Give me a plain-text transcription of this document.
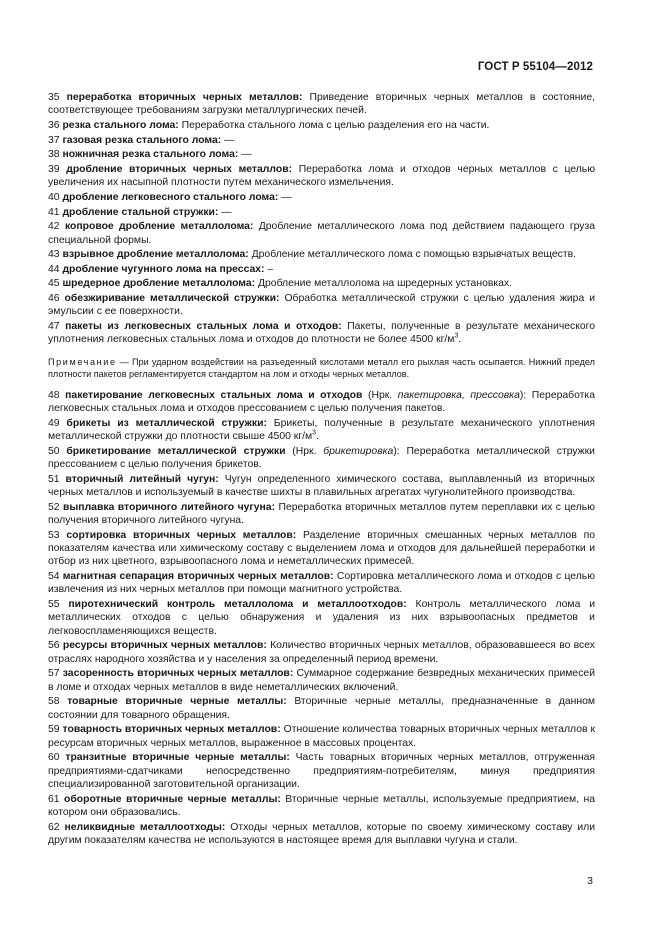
ГОСТ Р 55104—2012
35 переработка вторичных черных металлов: Приведение вторичных черных металлов в состояние, соответствующее требованиям загрузки металлургических печей.
36 резка стального лома: Переработка стального лома с целью разделения его на части.
37 газовая резка стального лома: —
38 ножничная резка стального лома: —
39 дробление вторичных черных металлов: Переработка лома и отходов черных металлов с целью увеличения их насыпной плотности путем механического измельчения.
40 дробление легковесного стального лома: —
41 дробление стальной стружки: —
42 копровое дробление металлолома: Дробление металлического лома под действием падающего груза специальной формы.
43 взрывное дробление металлолома: Дробление металлического лома с помощью взрывчатых веществ.
44 дробление чугунного лома на прессах: –
45 шредерное дробление металлолома: Дробление металлолома на шредерных установках.
46 обезжиривание металлической стружки: Обработка металлической стружки с целью удаления жира и эмульсии с ее поверхности.
47 пакеты из легковесных стальных лома и отходов: Пакеты, полученные в результате механического уплотнения легковесных стальных лома и отходов до плотности не более 4500 $кг/м^3$.
Примечание — При ударном воздействии на разъеденный кислотами металл его рыхлая часть осыпается. Нижний предел плотности пакетов регламентируется стандартом на лом и отходы черных металлов.
48 пакетирование легковесных стальных лома и отходов (Нрк. пакетировка, прессовка): Переработка легковесных стальных лома и отходов прессованием с целью получения пакетов.
49 брикеты из металлической стружки: Брикеты, полученные в результате механического уплотнения металлической стружки до плотности свыше 4500 $кг/м^3$.
50 брикетирование металлической стружки (Нрк. брикетировка): Переработка металлической стружки прессованием с целью получения брикетов.
51 вторичный литейный чугун: Чугун определенного химического состава, выплавленный из вторичных черных металлов и используемый в качестве шихты в плавильных агрегатах чугунолитейного производства.
52 выплавка вторичного литейного чугуна: Переработка вторичных металлов путем переплавки их с целью получения вторичного литейного чугуна.
53 сортировка вторичных черных металлов: Разделение вторичных смешанных черных металлов по показателям качества или химическому составу с выделением лома и отходов для дальнейшей переработки и отбор из них цветного, взрывоопасного лома и неметаллических примесей.
54 магнитная сепарация вторичных черных металлов: Сортировка металлического лома и отходов с целью извлечения из них черных металлов при помощи магнитного устройства.
55 пиротехнический контроль металлолома и металлоотходов: Контроль металлического лома и металлических отходов с целью обнаружения и удаления из них взрывоопасных предметов и легковоспламеняющихся веществ.
56 ресурсы вторичных черных металлов: Количество вторичных черных металлов, образовавшееся во всех отраслях народного хозяйства и у населения за определенный период времени.
57 засоренность вторичных черных металлов: Суммарное содержание безвредных механических примесей в ломе и отходах черных металлов в виде неметаллических включений.
58 товарные вторичные черные металлы: Вторичные черные металлы, предназначенные в данном состоянии для товарного обращения.
59 товарность вторичных черных металлов: Отношение количества товарных вторичных черных металлов к ресурсам вторичных черных металлов, выраженное в массовых процентах.
60 транзитные вторичные черные металлы: Часть товарных вторичных черных металлов, отгруженная предприятиями-сдатчиками непосредственно предприятиям-потребителям, минуя предприятия специализированной заготовительной организации.
61 оборотные вторичные черные металлы: Вторичные черные металлы, используемые предприятием, на котором они образовались.
62 неликвидные металлоотходы: Отходы черных металлов, которые по своему химическому составу или другим показателям качества не используются в настоящее время для выплавки чугуна и стали.
3
